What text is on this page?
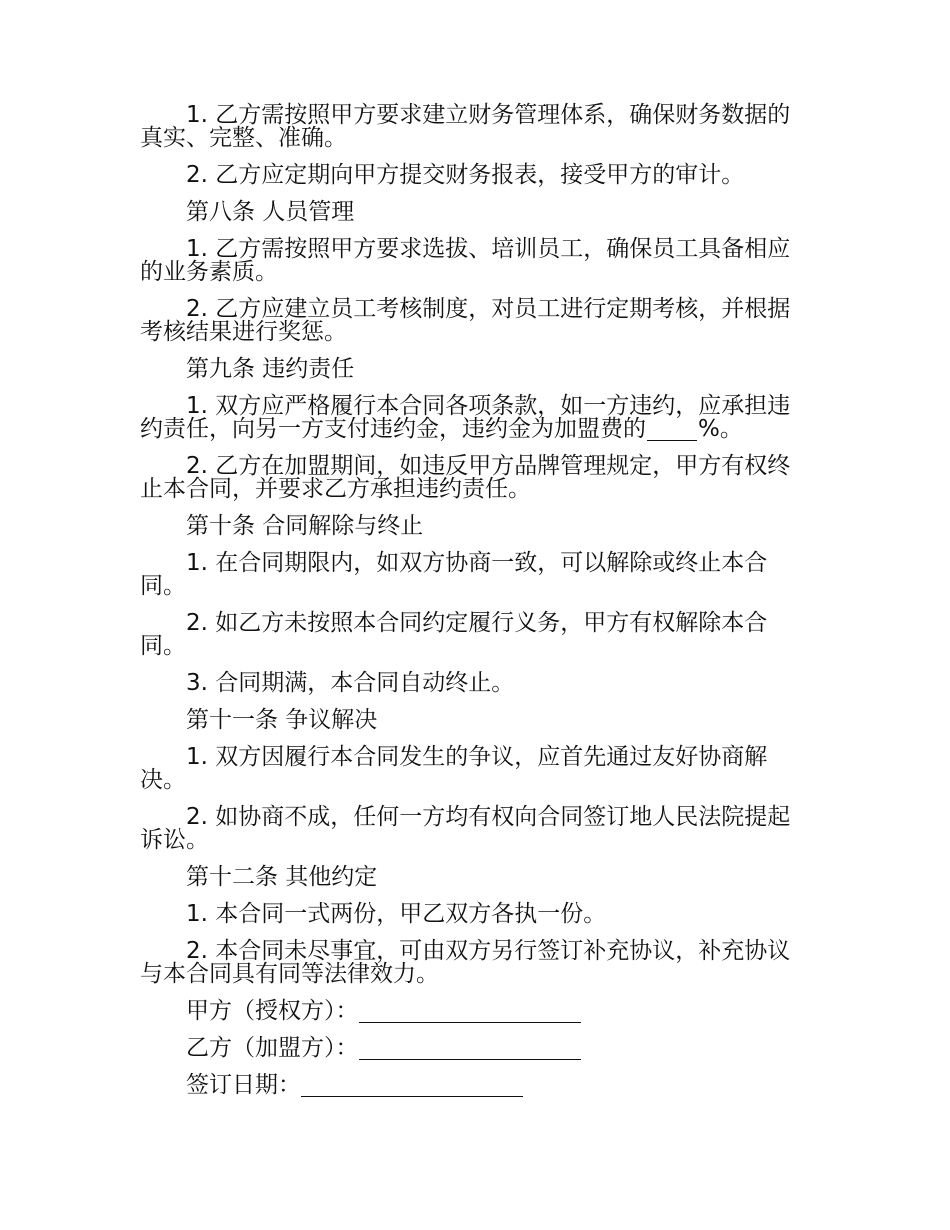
1. 乙方需按照甲方要求建立财务管理体系，确保财务数据的真实、完整、准确。

2. 乙方应定期向甲方提交财务报表，接受甲方的审计。

第八条 人员管理

1. 乙方需按照甲方要求选拔、培训员工，确保员工具备相应的业务素质。

2. 乙方应建立员工考核制度，对员工进行定期考核，并根据考核结果进行奖惩。

第九条 违约责任

1. 双方应严格履行本合同各项条款，如一方违约，应承担违约责任，向另一方支付违约金，违约金为加盟费的 %。

2. 乙方在加盟期间，如违反甲方品牌管理规定，甲方有权终止本合同，并要求乙方承担违约责任。

第十条 合同解除与终止

1. 在合同期限内，如双方协商一致，可以解除或终止本合同。

2. 如乙方未按照本合同约定履行义务，甲方有权解除本合同。

3. 合同期满，本合同自动终止。

第十一条 争议解决

1. 双方因履行本合同发生的争议，应首先通过友好协商解决。

2. 如协商不成，任何一方均有权向合同签订地人民法院提起诉讼。

第十二条 其他约定

1. 本合同一式两份，甲乙双方各执一份。

2. 本合同未尽事宜，可由双方另行签订补充协议，补充协议与本合同具有同等法律效力。

甲方（授权方）：

乙方（加盟方）：

签订日期：
